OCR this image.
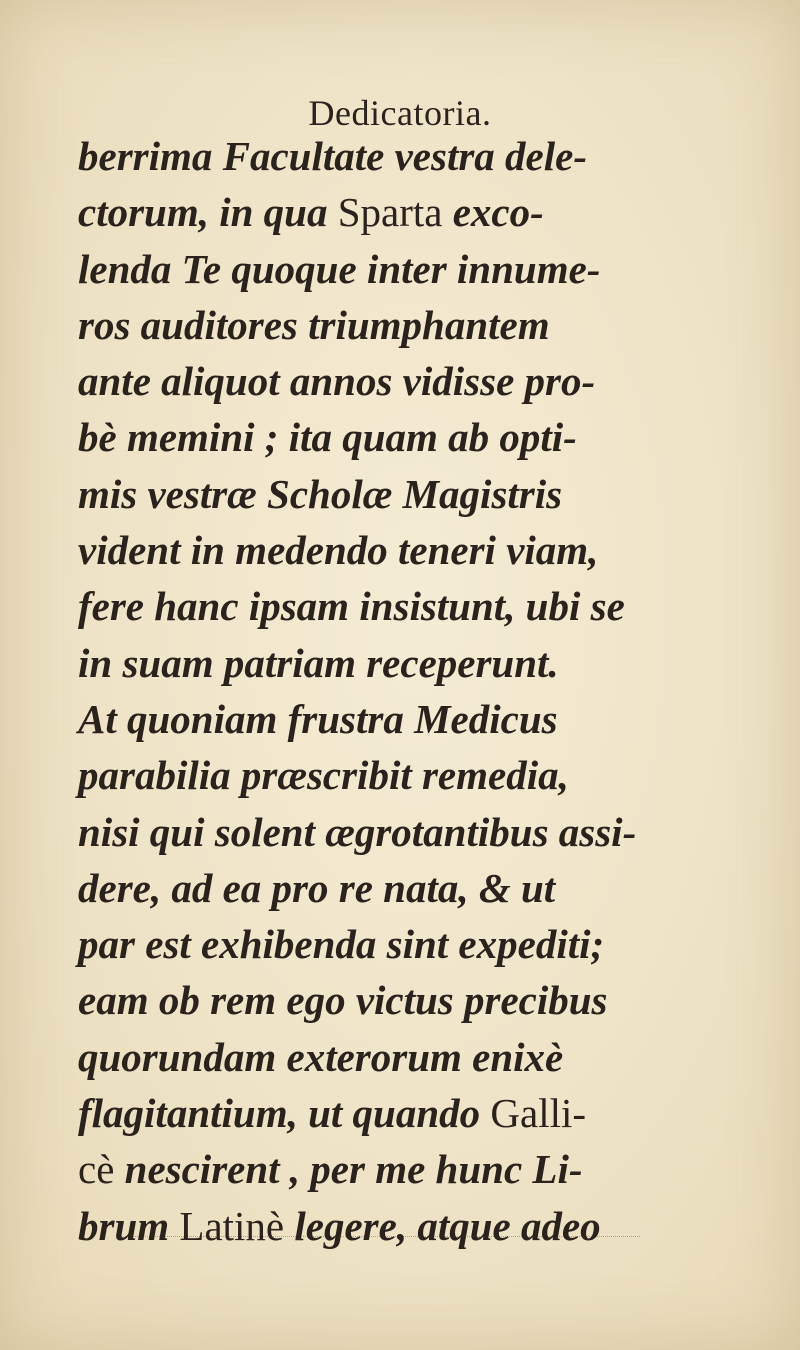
Dedicatoria.
berrima Facultate vestra dele-
ctorum, in qua Sparta exco-
lenda Te quoque inter innume-
ros auditores triumphantem
ante aliquot annos vidisse pro-
bè memini ; ita quam ab opti-
mis vestræ Scholæ Magistris
vident in medendo teneri viam,
fere hanc ipsam insistunt, ubi se
in suam patriam receperunt.
At quoniam frustra Medicus
parabilia præscribit remedia,
nisi qui solent ægrotantibus assi-
dere, ad ea pro re nata, & ut
par est exhibenda sint expediti;
eam ob rem ego victus precibus
quorundam exterorum enixè
flagitantium, ut quando Galli-
cè nescirent , per me hunc Li-
brum Latinè legere, atque adeo
